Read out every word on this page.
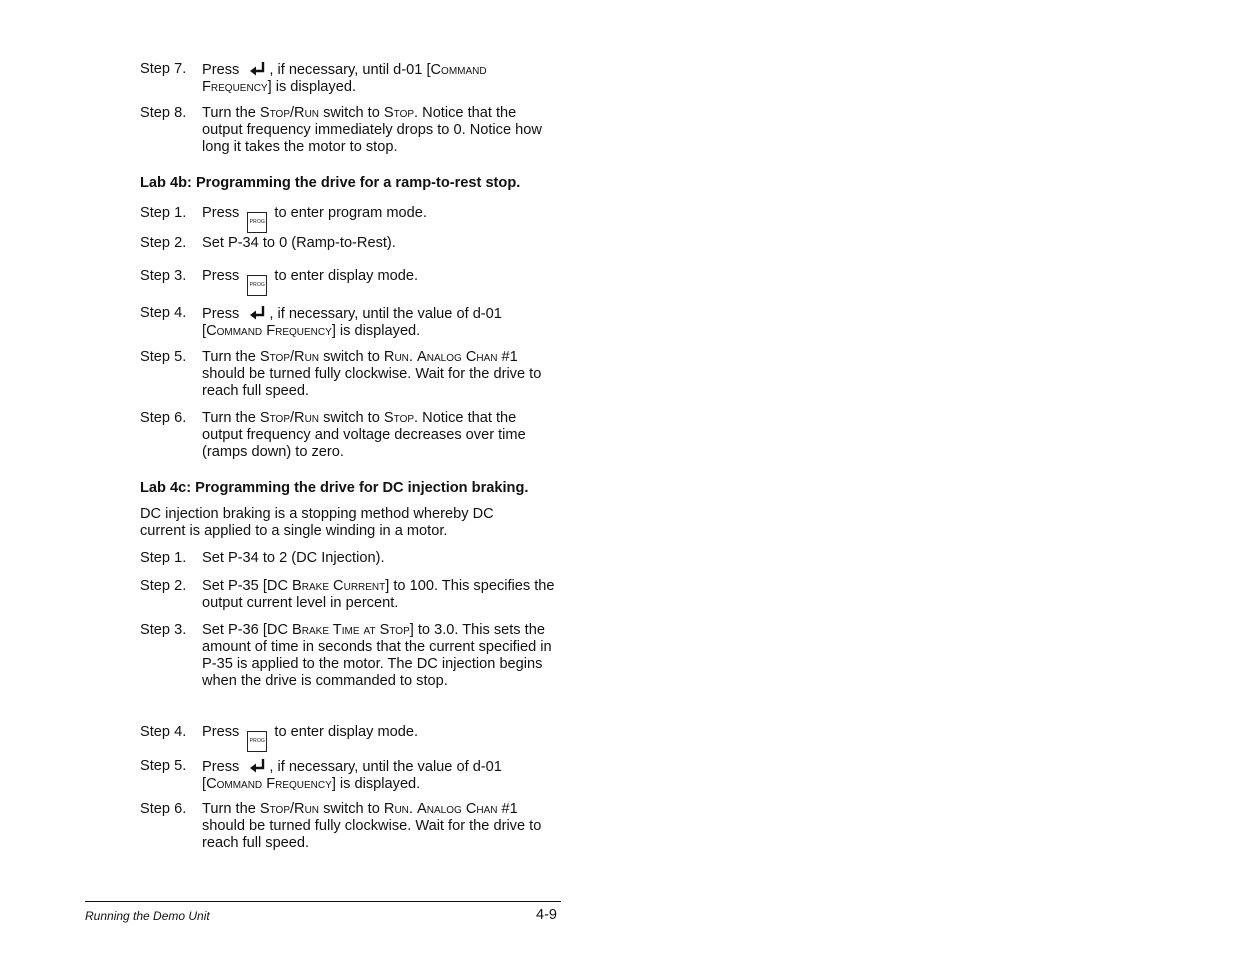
Step 7.	Press , if necessary, until d-01 [Command Frequency] is displayed.
Step 8.	Turn the Stop/Run switch to Stop. Notice that the output frequency immediately drops to 0. Notice how long it takes the motor to stop.
Lab 4b: Programming the drive for a ramp-to-rest stop.
Step 1.	Press PROG to enter program mode.
Step 2.	Set P-34 to 0 (Ramp-to-Rest).
Step 3.	Press PROG to enter display mode.
Step 4.	Press , if necessary, until the value of d-01 [Command Frequency] is displayed.
Step 5.	Turn the Stop/Run switch to Run. Analog Chan #1 should be turned fully clockwise. Wait for the drive to reach full speed.
Step 6.	Turn the Stop/Run switch to Stop. Notice that the output frequency and voltage decreases over time (ramps down) to zero.
Lab 4c: Programming the drive for DC injection braking.
DC injection braking is a stopping method whereby DC current is applied to a single winding in a motor.
Step 1.	Set P-34 to 2 (DC Injection).
Step 2.	Set P-35 [DC Brake Current] to 100. This specifies the output current level in percent.
Step 3.	Set P-36 [DC Brake Time at Stop] to 3.0. This sets the amount of time in seconds that the current specified in P-35 is applied to the motor. The DC injection begins when the drive is commanded to stop.
Step 4.	Press PROG to enter display mode.
Step 5.	Press , if necessary, until the value of d-01 [Command Frequency] is displayed.
Step 6.	Turn the Stop/Run switch to Run. Analog Chan #1 should be turned fully clockwise. Wait for the drive to reach full speed.
Running the Demo Unit	4-9
